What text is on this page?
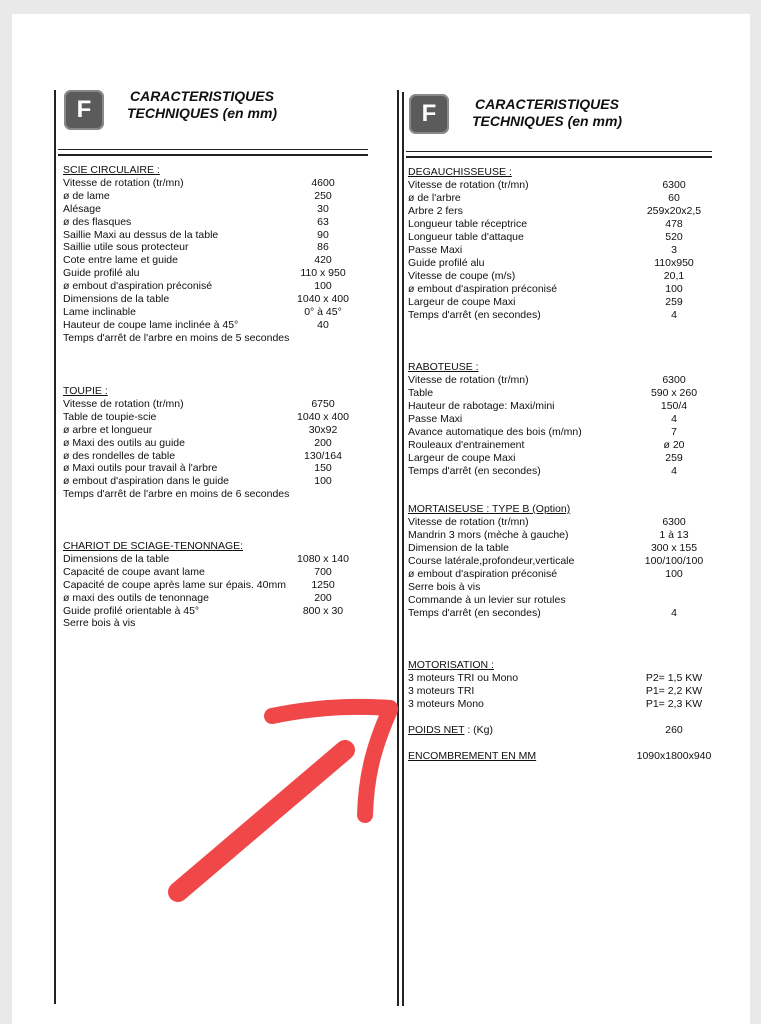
F	CARACTERISTIQUES
TECHNIQUES (en mm)	F	CARACTERISTIQUES
TECHNIQUES (en mm)
SCIE CIRCULAIRE :
Vitesse de rotation (tr/mn)	4600
ø de lame	250
Alésage	30
ø des flasques	63
Saillie Maxi au dessus de la table	90
Saillie utile sous protecteur	86
Cote entre lame et guide	420
Guide profilé alu	110 x 950
ø embout d'aspiration préconisé	100
Dimensions de la table	1040 x 400
Lame inclinable	0° à 45°
Hauteur de coupe lame inclinée à 45°	40
Temps d'arrêt de l'arbre en moins de 5 secondes
TOUPIE :
Vitesse de rotation (tr/mn)	6750
Table de toupie-scie	1040 x 400
ø arbre et longueur	30x92
ø Maxi des outils au guide	200
ø des rondelles de table	130/164
ø Maxi outils pour travail à l'arbre	150
ø embout d'aspiration dans le guide	100
Temps d'arrêt de l'arbre en moins de 6 secondes
CHARIOT DE SCIAGE-TENONNAGE:
Dimensions de la table	1080 x 140
Capacité de coupe avant lame	700
Capacité de coupe après lame sur épais. 40mm	1250
ø maxi des outils de tenonnage	200
Guide profilé orientable à 45°	800 x 30
Serre bois à vis
DEGAUCHISSEUSE :
Vitesse de rotation (tr/mn)	6300
ø de l'arbre	60
Arbre 2 fers	259x20x2,5
Longueur table réceptrice	478
Longueur table d'attaque	520
Passe Maxi	3
Guide profilé alu	110x950
Vitesse de coupe (m/s)	20,1
ø embout d'aspiration préconisé	100
Largeur de coupe Maxi	259
Temps d'arrêt (en secondes)	4
RABOTEUSE :
Vitesse de rotation (tr/mn)	6300
Table	590 x 260
Hauteur de rabotage: Maxi/mini	150/4
Passe Maxi	4
Avance automatique des bois (m/mn)	7
Rouleaux d'entrainement	ø 20
Largeur de coupe Maxi	259
Temps d'arrêt (en secondes)	4
MORTAISEUSE : TYPE B (Option)
Vitesse de rotation (tr/mn)	6300
Mandrin 3 mors (mèche à gauche)	1 à 13
Dimension de la table	300 x 155
Course latérale,profondeur,verticale	100/100/100
ø embout d'aspiration préconisé	100
Serre bois à vis
Commande à un levier sur rotules
Temps d'arrêt (en secondes)	4
MOTORISATION :
3 moteurs TRI ou Mono	P2= 1,5 KW
3 moteurs TRI	P1= 2,2 KW
3 moteurs Mono	P1= 2,3 KW
POIDS NET : (Kg)	260
ENCOMBREMENT EN MM	1090x1800x940
